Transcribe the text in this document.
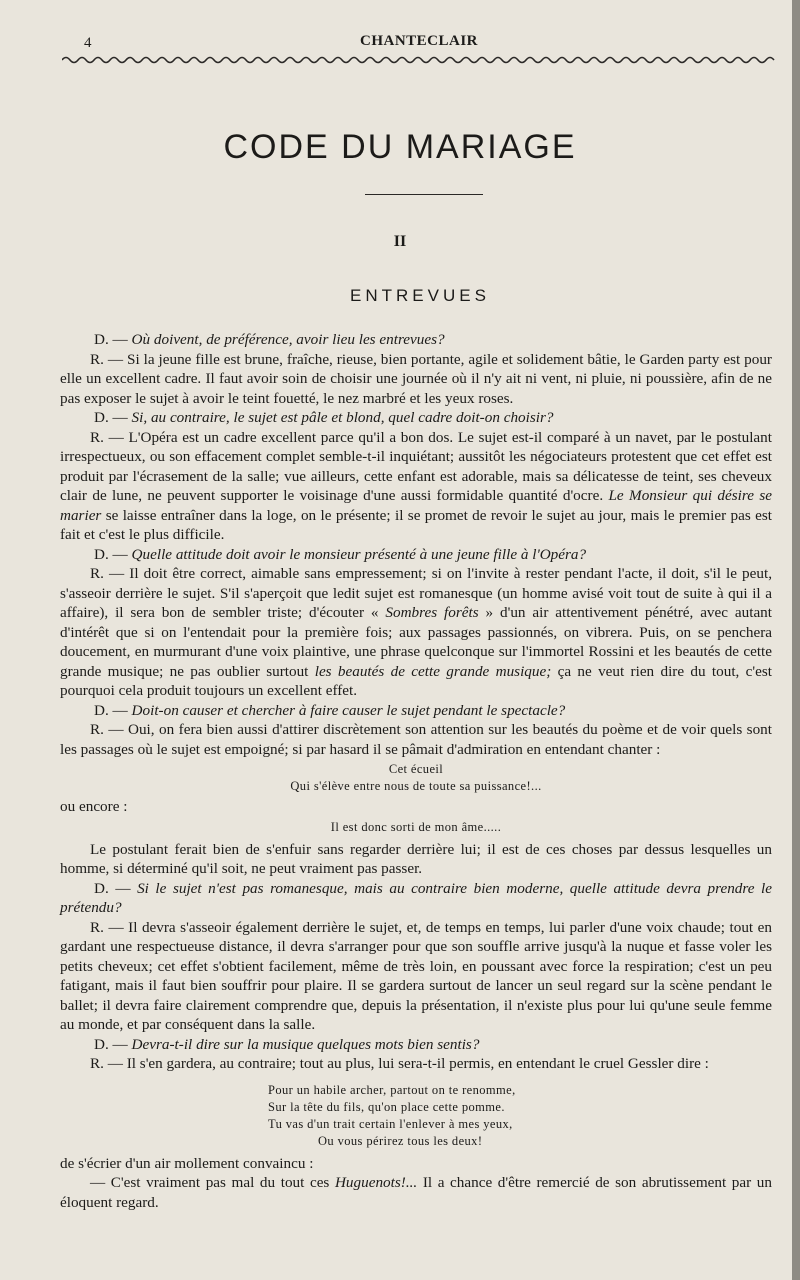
4	CHANTECLAIR
CODE DU MARIAGE
II
ENTREVUES

D. — Où doivent, de préférence, avoir lieu les entrevues?

R. — Si la jeune fille est brune, fraîche, rieuse, bien portante, agile et solidement bâtie, le Garden party est pour elle un excellent cadre. Il faut avoir soin de choisir une journée où il n'y ait ni vent, ni pluie, ni poussière, afin de ne pas exposer le sujet à avoir le teint fouetté, le nez marbré et les yeux roses.

D. — Si, au contraire, le sujet est pâle et blond, quel cadre doit-on choisir?

R. — L'Opéra est un cadre excellent parce qu'il a bon dos. Le sujet est-il comparé à un navet, par le postulant irrespectueux, ou son effacement complet semble-t-il inquiétant; aussitôt les négociateurs protestent que cet effet est produit par l'écrasement de la salle; vue ailleurs, cette enfant est adorable, mais sa délicatesse de teint, ses cheveux clair de lune, ne peuvent supporter le voisinage d'une aussi formidable quantité d'ocre. Le Monsieur qui désire se marier se laisse entraîner dans la loge, on le présente; il se promet de revoir le sujet au jour, mais le premier pas est fait et c'est le plus difficile.

D. — Quelle attitude doit avoir le monsieur présenté à une jeune fille à l'Opéra?

R. — Il doit être correct, aimable sans empressement; si on l'invite à rester pendant l'acte, il doit, s'il le peut, s'asseoir derrière le sujet. S'il s'aperçoit que ledit sujet est romanesque (un homme avisé voit tout de suite à qui il a affaire), il sera bon de sembler triste; d'écouter « Sombres forêts » d'un air attentivement pénétré, avec autant d'intérêt que si on l'entendait pour la première fois; aux passages passionnés, on vibrera. Puis, on se penchera doucement, en murmurant d'une voix plaintive, une phrase quelconque sur l'immortel Rossini et les beautés de cette grande musique; ne pas oublier surtout les beautés de cette grande musique; ça ne veut rien dire du tout, c'est pourquoi cela produit toujours un excellent effet.

D. — Doit-on causer et chercher à faire causer le sujet pendant le spectacle?

R. — Oui, on fera bien aussi d'attirer discrètement son attention sur les beautés du poème et de voir quels sont les passages où le sujet est empoigné; si par hasard il se pâmait d'admiration en entendant chanter :

Cet écueil
Qui s'élève entre nous de toute sa puissance!...

ou encore :

Il est donc sorti de mon âme.....

Le postulant ferait bien de s'enfuir sans regarder derrière lui; il est de ces choses par dessus lesquelles un homme, si déterminé qu'il soit, ne peut vraiment pas passer.

D. — Si le sujet n'est pas romanesque, mais au contraire bien moderne, quelle attitude devra prendre le prétendu?

R. — Il devra s'asseoir également derrière le sujet, et, de temps en temps, lui parler d'une voix chaude; tout en gardant une respectueuse distance, il devra s'arranger pour que son souffle arrive jusqu'à la nuque et fasse voler les petits cheveux; cet effet s'obtient facilement, même de très loin, en poussant avec force la respiration; c'est un peu fatigant, mais il faut bien souffrir pour plaire. Il se gardera surtout de lancer un seul regard sur la scène pendant le ballet; il devra faire clairement comprendre que, depuis la présentation, il n'existe plus pour lui qu'une seule femme au monde, et par conséquent dans la salle.

D. — Devra-t-il dire sur la musique quelques mots bien sentis?

R. — Il s'en gardera, au contraire; tout au plus, lui sera-t-il permis, en entendant le cruel Gessler dire :

Pour un habile archer, partout on te renomme,
Sur la tête du fils, qu'on place cette pomme.
Tu vas d'un trait certain l'enlever à mes yeux,
Ou vous périrez tous les deux!

de s'écrier d'un air mollement convaincu :

— C'est vraiment pas mal du tout ces Huguenots!... Il a chance d'être remercié de son abrutissement par un éloquent regard.
